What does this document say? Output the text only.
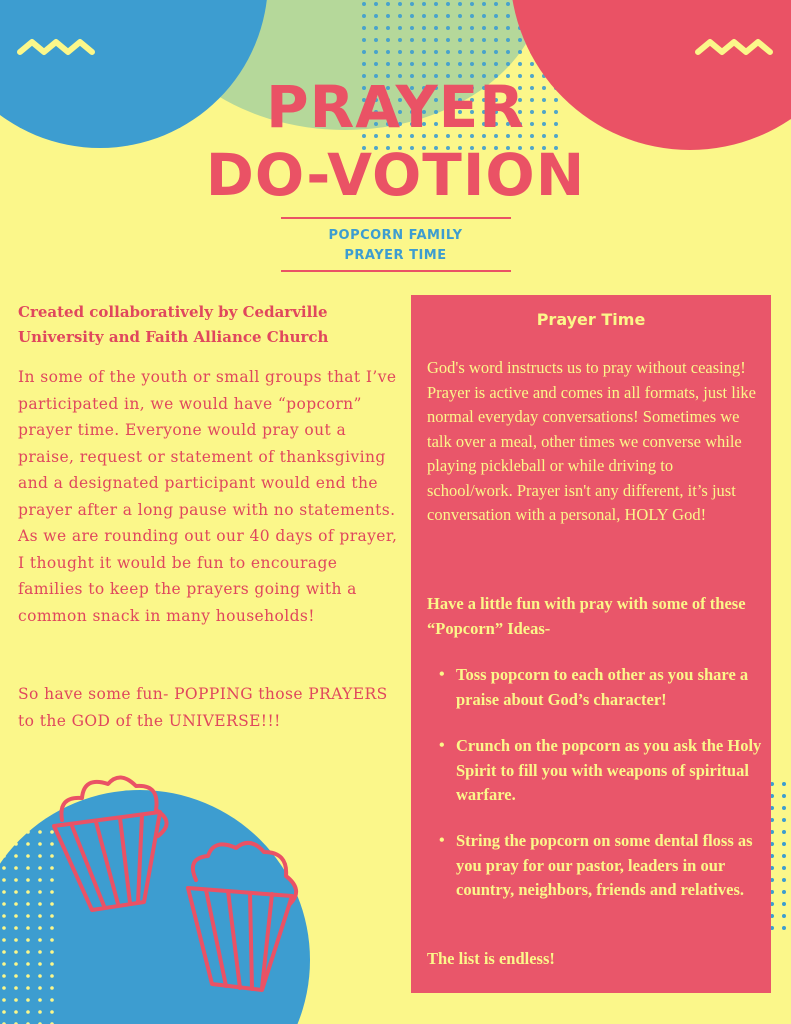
PRAYER
DO-VOTION
POPCORN FAMILY
PRAYER TIME
Created collaboratively by Cedarville University and Faith Alliance Church
In some of the youth or small groups that I’ve participated in, we would have “popcorn” prayer time. Everyone would pray out a praise, request or statement of thanksgiving and a designated participant would end the prayer after a long pause with no statements. As we are rounding out our 40 days of prayer, I thought it would be fun to encourage families to keep the prayers going with a common snack in many households!
So have some fun- POPPING those PRAYERS to the GOD of the UNIVERSE!!!
Prayer Time
God's word instructs us to pray without ceasing! Prayer is active and comes in all formats, just like normal everyday conversations! Sometimes we talk over a meal, other times we converse while playing pickleball or while driving to school/work. Prayer isn't any different, it’s just conversation with a personal, HOLY God!
Have a little fun with pray with some of these “Popcorn” Ideas-
• Toss popcorn to each other as you share a praise about God’s character!
• Crunch on the popcorn as you ask the Holy Spirit to fill you with weapons of spiritual warfare.
• String the popcorn on some dental floss as you pray for our pastor, leaders in our country, neighbors, friends and relatives.
The list is endless!
